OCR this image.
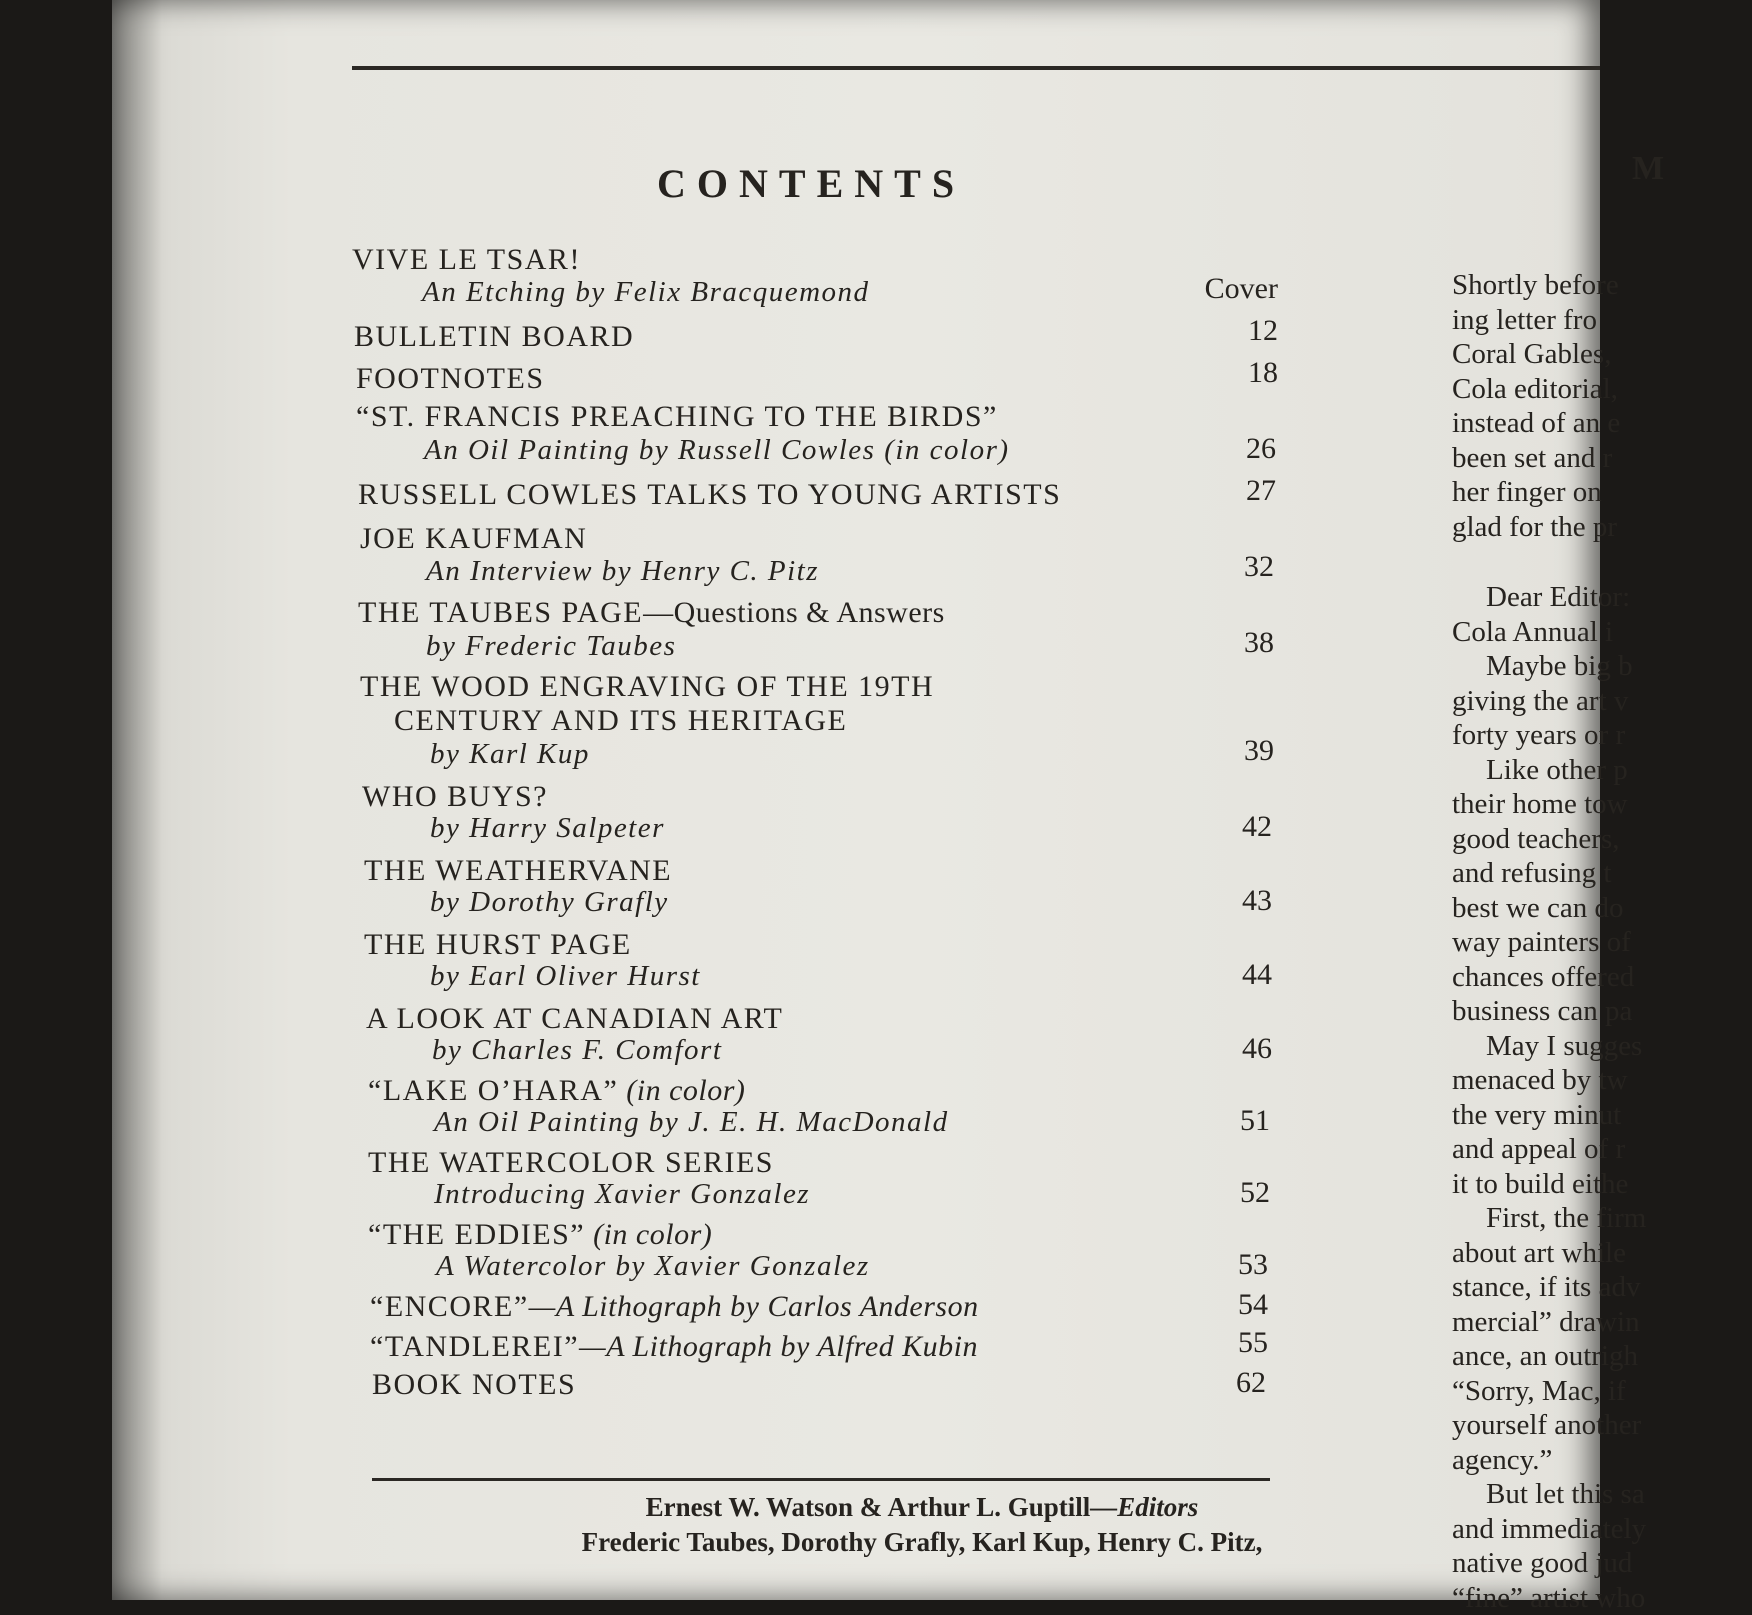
CONTENTS
VIVE LE TSAR!
An Etching by Felix Bracquemond	Cover
BULLETIN BOARD	12
FOOTNOTES	18
“ST. FRANCIS PREACHING TO THE BIRDS”
An Oil Painting by Russell Cowles (in color)	26
RUSSELL COWLES TALKS TO YOUNG ARTISTS	27
JOE KAUFMAN
An Interview by Henry C. Pitz	32
THE TAUBES PAGE—Questions & Answers
by Frederic Taubes	38
THE WOOD ENGRAVING OF THE 19TH
CENTURY AND ITS HERITAGE
by Karl Kup	39
WHO BUYS?
by Harry Salpeter	42
THE WEATHERVANE
by Dorothy Grafly	43
THE HURST PAGE
by Earl Oliver Hurst	44
A LOOK AT CANADIAN ART
by Charles F. Comfort	46
“LAKE O’HARA” (in color)
An Oil Painting by J. E. H. MacDonald	51
THE WATERCOLOR SERIES
Introducing Xavier Gonzalez	52
“THE EDDIES” (in color)
A Watercolor by Xavier Gonzalez	53
“ENCORE”—A Lithograph by Carlos Anderson	54
“TANDLEREI”—A Lithograph by Alfred Kubin	55
BOOK NOTES	62
Ernest W. Watson & Arthur L. Guptill—Editors
Frederic Taubes, Dorothy Grafly, Karl Kup, Henry C. Pitz,
M
Shortly before
ing letter fro
Coral Gables,
Cola editorial,
instead of an e
been set and r
her finger on
glad for the pr
Dear Editor:
Cola Annual i
Maybe big b
giving the art v
forty years or r
Like other p
their home tow
good teachers,
and refusing t
best we can do
way painters of
chances offered
business can pa
May I sugges
menaced by tw
the very minut
and appeal of r
it to build eithe
First, the firm
about art while
stance, if its adv
mercial” drawin
ance, an outrigh
“Sorry, Mac, if
yourself another
agency.”
But let this sa
and immediately
native good jud
“fine” artist who
